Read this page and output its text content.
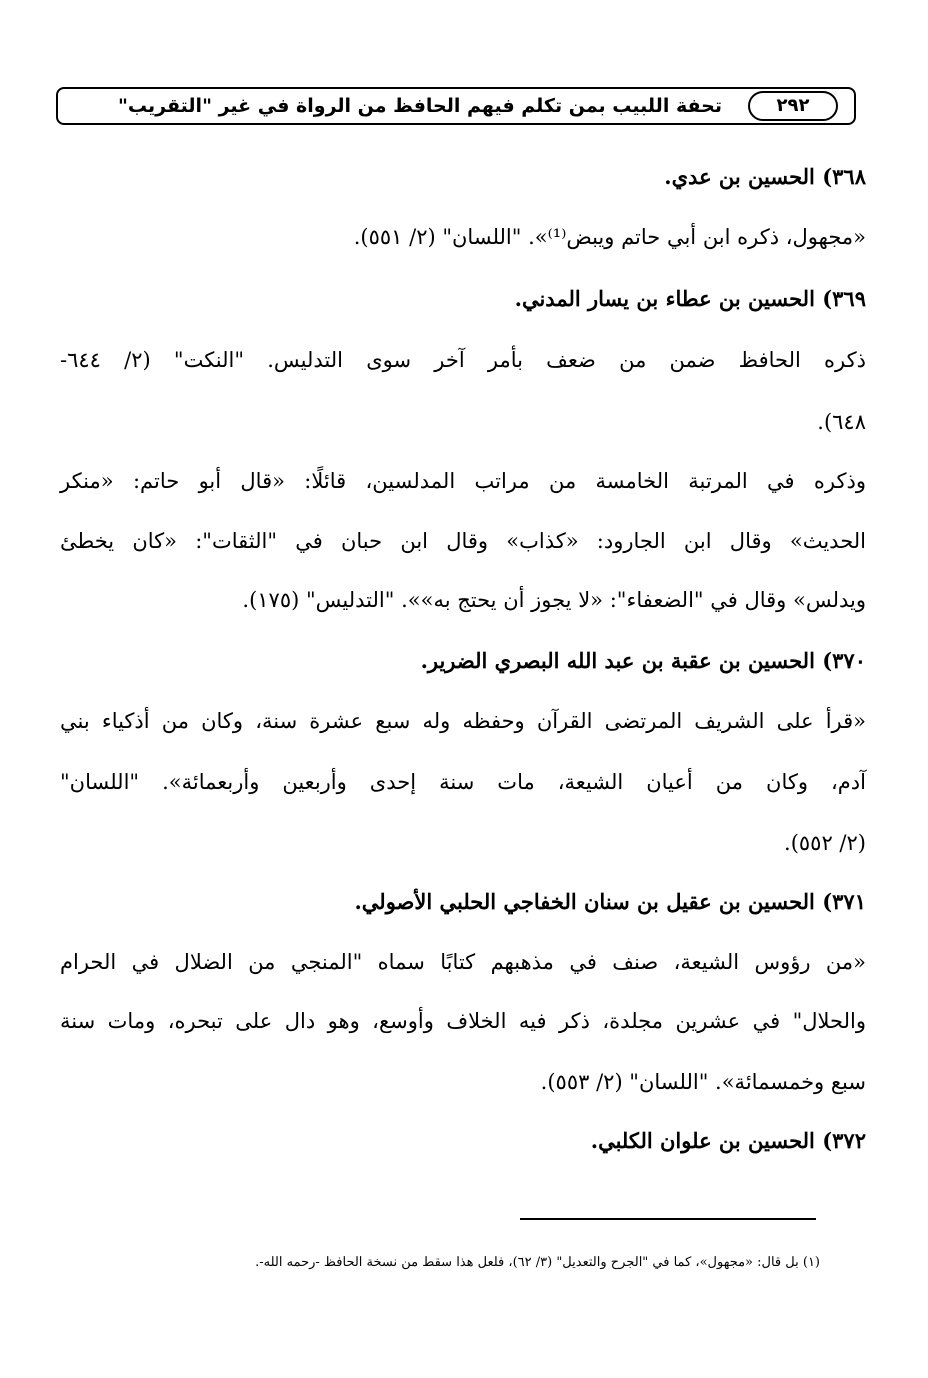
تحفة اللبيب بمن تكلم فيهم الحافظ من الرواة في غير "التقريب"	٢٩٢
٣٦٨) الحسين بن عدي.
«مجهول، ذكره ابن أبي حاتم ويبض⁽¹⁾». "اللسان" (٢/ ٥٥١).
٣٦٩) الحسين بن عطاء بن يسار المدني.
ذكره الحافظ ضمن من ضعف بأمر آخر سوى التدليس. "النكت" (٢/ ٦٤٤-
٦٤٨).
وذكره في المرتبة الخامسة من مراتب المدلسين، قائلًا: «قال أبو حاتم: «منكر
الحديث» وقال ابن الجارود: «كذاب» وقال ابن حبان في "الثقات": «كان يخطئ
ويدلس» وقال في "الضعفاء": «لا يجوز أن يحتج به»». "التدليس" (١٧٥).
٣٧٠) الحسين بن عقبة بن عبد الله البصري الضرير.
«قرأ على الشريف المرتضى القرآن وحفظه وله سبع عشرة سنة، وكان من أذكياء بني
آدم، وكان من أعيان الشيعة، مات سنة إحدى وأربعين وأربعمائة». "اللسان"
(٢/ ٥٥٢).
٣٧١) الحسين بن عقيل بن سنان الخفاجي الحلبي الأصولي.
«من رؤوس الشيعة، صنف في مذهبهم كتابًا سماه "المنجي من الضلال في الحرام
والحلال" في عشرين مجلدة، ذكر فيه الخلاف وأوسع، وهو دال على تبحره، ومات سنة
سبع وخمسمائة». "اللسان" (٢/ ٥٥٣).
٣٧٢) الحسين بن علوان الكلبي.
(١) بل قال: «مجهول»، كما في "الجرح والتعديل" (٣/ ٦٢)، فلعل هذا سقط من نسخة الحافظ -رحمه الله-.
